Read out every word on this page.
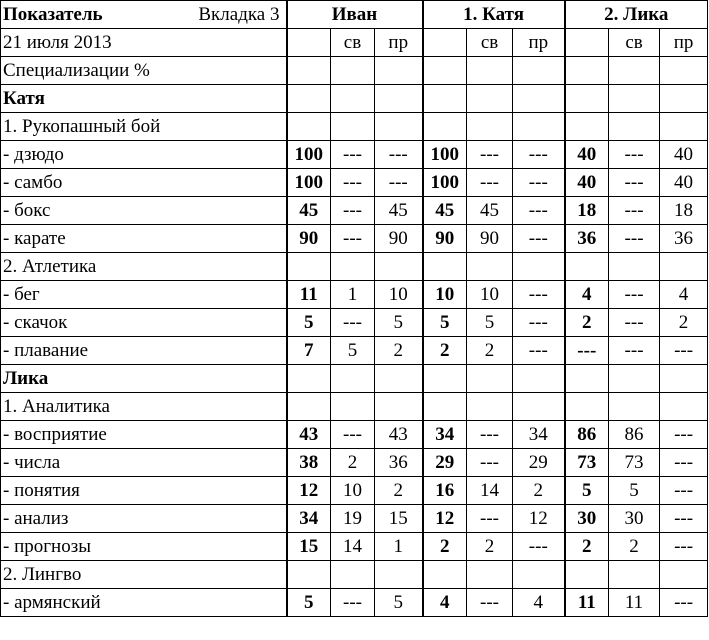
Показатель Вкладка 3	Иван			1. Катя			2. Лика		
21 июля 2013		св	пр		св	пр		св	пр
Специализации %									
Катя									
1. Рукопашный бой									
- дзюдо	100	---	---	100	---	---	40	---	40
- самбо	100	---	---	100	---	---	40	---	40
- бокс	45	---	45	45	45	---	18	---	18
- карате	90	---	90	90	90	---	36	---	36
2. Атлетика									
- бег	11	1	10	10	10	---	4	---	4
- скачок	5	---	5	5	5	---	2	---	2
- плавание	7	5	2	2	2	---	---	---	---
Лика									
1. Аналитика									
- восприятие	43	---	43	34	---	34	86	86	---
- числа	38	2	36	29	---	29	73	73	---
- понятия	12	10	2	16	14	2	5	5	---
- анализ	34	19	15	12	---	12	30	30	---
- прогнозы	15	14	1	2	2	---	2	2	---
2. Лингво									
- армянский	5	---	5	4	---	4	11	11	---
